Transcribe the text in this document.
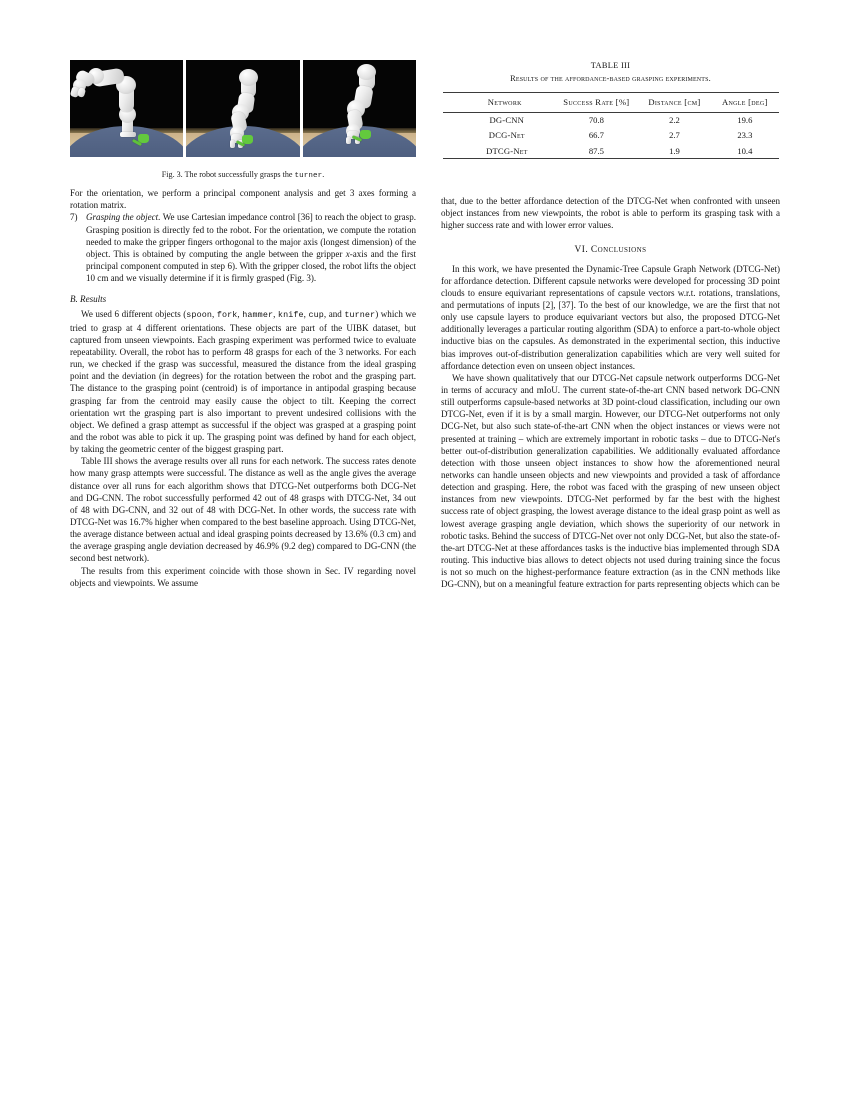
Fig. 3. The robot successfully grasps the turner.

For the orientation, we perform a principal component analysis and get 3 axes forming a rotation matrix.

7) Grasping the object. We use Cartesian impedance control [36] to reach the object to grasp. Grasping position is directly fed to the robot. For the orientation, we compute the rotation needed to make the gripper fingers orthogonal to the major axis (longest dimension) of the object. This is obtained by computing the angle between the gripper x-axis and the first principal component computed in step 6). With the gripper closed, the robot lifts the object 10 cm and we visually determine if it is firmly grasped (Fig. 3).
B. Results

We used 6 different objects (spoon, fork, hammer, knife, cup, and turner) which we tried to grasp at 4 different orientations. These objects are part of the UIBK dataset, but captured from unseen viewpoints. Each grasping experiment was performed twice to evaluate repeatability. Overall, the robot has to perform 48 grasps for each of the 3 networks. For each run, we checked if the grasp was successful, measured the distance from the ideal grasping point and the deviation (in degrees) for the rotation between the robot and the grasping part. The distance to the grasping point (centroid) is of importance in antipodal grasping because grasping far from the centroid may easily cause the object to tilt. Keeping the correct orientation wrt the grasping part is also important to prevent undesired collisions with the object. We defined a grasp attempt as successful if the object was grasped at a grasping point and the robot was able to pick it up. The grasping point was defined by hand for each object, by taking the geometric center of the biggest grasping part.

Table III shows the average results over all runs for each network. The success rates denote how many grasp attempts were successful. The distance as well as the angle gives the average distance over all runs for each algorithm shows that DTCG-Net outperforms both DCG-Net and DG-CNN. The robot successfully performed 42 out of 48 grasps with DTCG-Net, 34 out of 48 with DG-CNN, and 32 out of 48 with DCG-Net. In other words, the success rate with DTCG-Net was 16.7% higher when compared to the best baseline approach. Using DTCG-Net, the average distance between actual and ideal grasping points decreased by 13.6% (0.3 cm) and the average grasping angle deviation decreased by 46.9% (9.2 deg) compared to DG-CNN (the second best network).

The results from this experiment coincide with those shown in Sec. IV regarding novel objects and viewpoints. We assume

TABLE III
Results of the affordance-based grasping experiments.
Network	Success Rate [%]	Distance [cm]	Angle [deg]
DG-CNN	70.8	2.2	19.6
DCG-Net	66.7	2.7	23.3
DTCG-Net	87.5	1.9	10.4

that, due to the better affordance detection of the DTCG-Net when confronted with unseen object instances from new viewpoints, the robot is able to perform its grasping task with a higher success rate and with lower error values.

VI. Conclusions

In this work, we have presented the Dynamic-Tree Capsule Graph Network (DTCG-Net) for affordance detection. Different capsule networks were developed for processing 3D point clouds to ensure equivariant representations of capsule vectors w.r.t. rotations, translations, and permutations of inputs [2], [37]. To the best of our knowledge, we are the first that not only use capsule layers to produce equivariant vectors but also, the proposed DTCG-Net additionally leverages a particular routing algorithm (SDA) to enforce a part-to-whole object inductive bias on the capsules. As demonstrated in the experimental section, this inductive bias improves out-of-distribution generalization capabilities which are very well suited for affordance detection even on unseen object instances.

We have shown qualitatively that our DTCG-Net capsule network outperforms DCG-Net in terms of accuracy and mIoU. The current state-of-the-art CNN based network DG-CNN still outperforms capsule-based networks at 3D point-cloud classification, including our own DTCG-Net, even if it is by a small margin. However, our DTCG-Net outperforms not only DCG-Net, but also such state-of-the-art CNN when the object instances or views were not presented at training – which are extremely important in robotic tasks – due to DTCG-Net's better out-of-distribution generalization capabilities. We additionally evaluated affordance detection with those unseen object instances to show how the aforementioned neural networks can handle unseen objects and new viewpoints and provided a task of affordance detection and grasping. Here, the robot was faced with the grasping of new unseen object instances from new viewpoints. DTCG-Net performed by far the best with the highest success rate of object grasping, the lowest average distance to the ideal grasp point as well as lowest average grasping angle deviation, which shows the superiority of our network in robotic tasks. Behind the success of DTCG-Net over not only DCG-Net, but also the state-of-the-art DTCG-Net at these affordances tasks is the inductive bias implemented through SDA routing. This inductive bias allows to detect objects not used during training since the focus is not so much on the highest-performance feature extraction (as in the CNN methods like DG-CNN), but on a meaningful feature extraction for parts representing objects which can be
